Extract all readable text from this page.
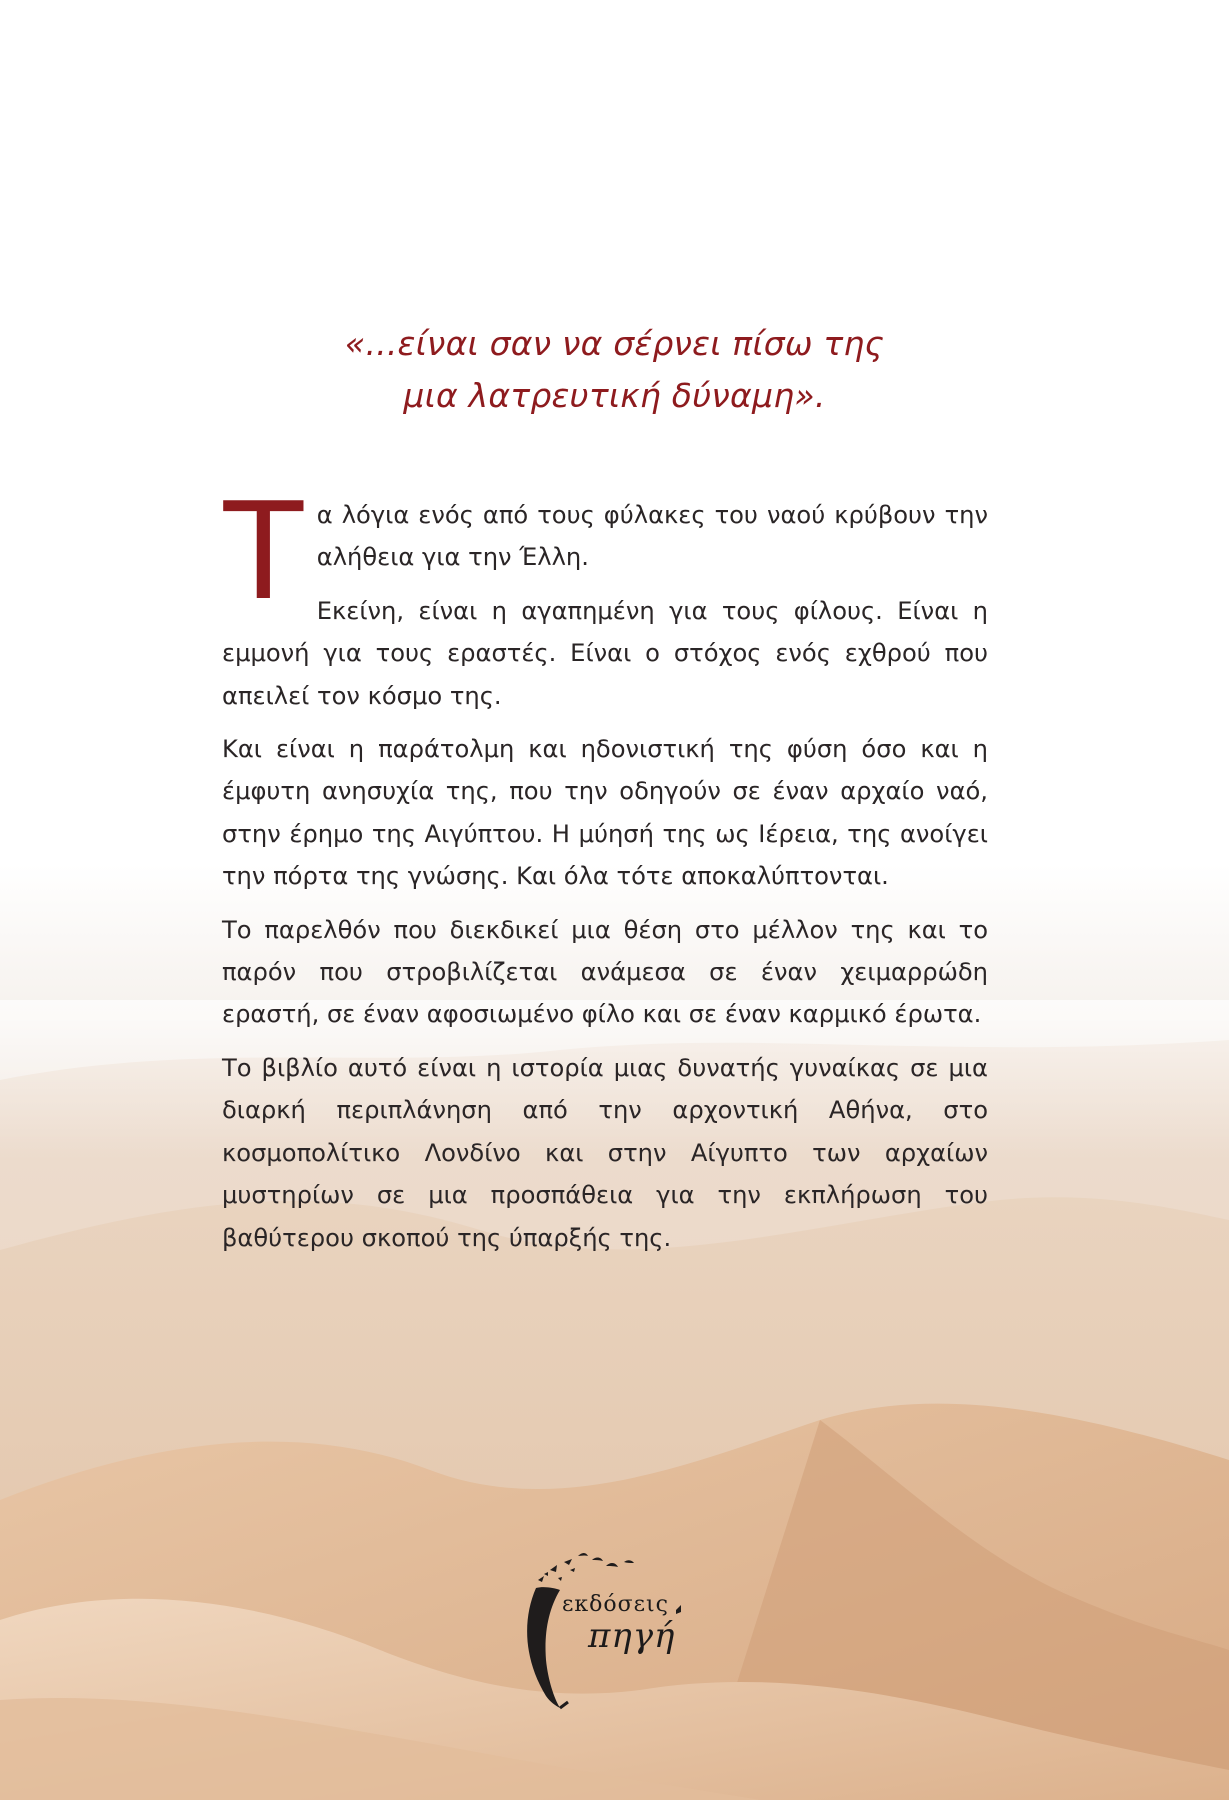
«...είναι σαν να σέρνει πίσω της
μια λατρευτική δύναμη».

Τα λόγια ενός από τους φύλακες του ναού κρύβουν την αλήθεια για την Έλλη.

Εκείνη, είναι η αγαπημένη για τους φίλους. Είναι η εμμονή για τους εραστές. Είναι ο στόχος ενός εχθρού που απειλεί τον κόσμο της.

Και είναι η παράτολμη και ηδονιστική της φύση όσο και η έμφυτη ανησυχία της, που την οδηγούν σε έναν αρχαίο ναό, στην έρημο της Αιγύπτου. Η μύησή της ως Ιέρεια, της ανοίγει την πόρτα της γνώσης. Και όλα τότε αποκαλύπτονται.

Το παρελθόν που διεκδικεί μια θέση στο μέλλον της και το παρόν που στροβιλίζεται ανάμεσα σε έναν χειμαρρώδη εραστή, σε έναν αφοσιωμένο φίλο και σε έναν καρμικό έρωτα.

Το βιβλίο αυτό είναι η ιστορία μιας δυνατής γυναίκας σε μια διαρκή περιπλάνηση από την αρχοντική Αθήνα, στο κοσμοπολίτικο Λονδίνο και στην Αίγυπτο των αρχαίων μυστηρίων σε μια προσπάθεια για την εκπλήρωση του βαθύτερου σκοπού της ύπαρξής της.

εκδόσεις
πηγή
